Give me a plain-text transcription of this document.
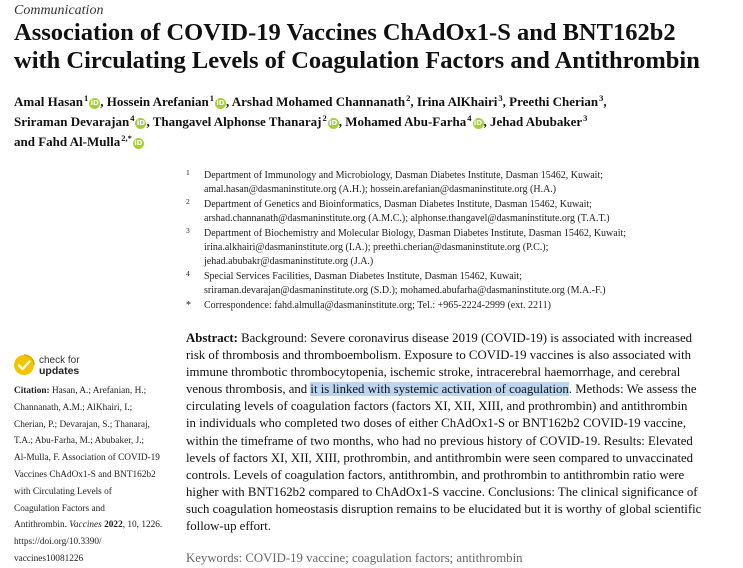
Communication
Association of COVID-19 Vaccines ChAdOx1-S and BNT162b2
with Circulating Levels of Coagulation Factors and Antithrombin
Amal Hasan$^1$ iD, Hossein Arefanian$^1$ iD, Arshad Mohamed Channanath$^2$, Irina AlKhairi$^3$, Preethi Cherian$^3$,
Sriraman Devarajan$^4$ iD, Thangavel Alphonse Thanaraj$^2$ iD, Mohamed Abu-Farha$^4$ iD, Jehad Abubaker$^3$
and Fahd Al-Mulla$^{2,*}$ iD
1 Department of Immunology and Microbiology, Dasman Diabetes Institute, Dasman 15462, Kuwait;
amal.hasan@dasmaninstitute.org (A.H.); hossein.arefanian@dasmaninstitute.org (H.A.)
2 Department of Genetics and Bioinformatics, Dasman Diabetes Institute, Dasman 15462, Kuwait;
arshad.channanath@dasmaninstitute.org (A.M.C.); alphonse.thangavel@dasmaninstitute.org (T.A.T.)
3 Department of Biochemistry and Molecular Biology, Dasman Diabetes Institute, Dasman 15462, Kuwait;
irina.alkhairi@dasmaninstitute.org (I.A.); preethi.cherian@dasmaninstitute.org (P.C.);
jehad.abubakr@dasmaninstitute.org (J.A.)
4 Special Services Facilities, Dasman Diabetes Institute, Dasman 15462, Kuwait;
sriraman.devarajan@dasmaninstitute.org (S.D.); mohamed.abufarha@dasmaninstitute.org (M.A.-F.)
* Correspondence: fahd.almulla@dasmaninstitute.org; Tel.: +965-2224-2999 (ext. 2211)
check for
updates
Citation: Hasan, A.; Arefanian, H.;
Channanath, A.M.; AlKhairi, I.;
Cherian, P.; Devarajan, S.; Thanaraj,
T.A.; Abu-Farha, M.; Abubaker, J.;
Al-Mulla, F. Association of COVID-19
Vaccines ChAdOx1-S and BNT162b2
with Circulating Levels of
Coagulation Factors and
Antithrombin. Vaccines 2022, 10, 1226.
https://doi.org/10.3390/
vaccines10081226
Abstract: Background: Severe coronavirus disease 2019 (COVID-19) is associated with increased
risk of thrombosis and thromboembolism. Exposure to COVID-19 vaccines is also associated with
immune thrombotic thrombocytopenia, ischemic stroke, intracerebral haemorrhage, and cerebral
venous thrombosis, and it is linked with systemic activation of coagulation. Methods: We assess the
circulating levels of coagulation factors (factors XI, XII, XIII, and prothrombin) and antithrombin
in individuals who completed two doses of either ChAdOx1-S or BNT162b2 COVID-19 vaccine,
within the timeframe of two months, who had no previous history of COVID-19. Results: Elevated
levels of factors XI, XII, XIII, prothrombin, and antithrombin were seen compared to unvaccinated
controls. Levels of coagulation factors, antithrombin, and prothrombin to antithrombin ratio were
higher with BNT162b2 compared to ChAdOx1-S vaccine. Conclusions: The clinical significance of
such coagulation homeostasis disruption remains to be elucidated but it is worthy of global scientific
follow-up effort.
Keywords: COVID-19 vaccine; coagulation factors; antithrombin
